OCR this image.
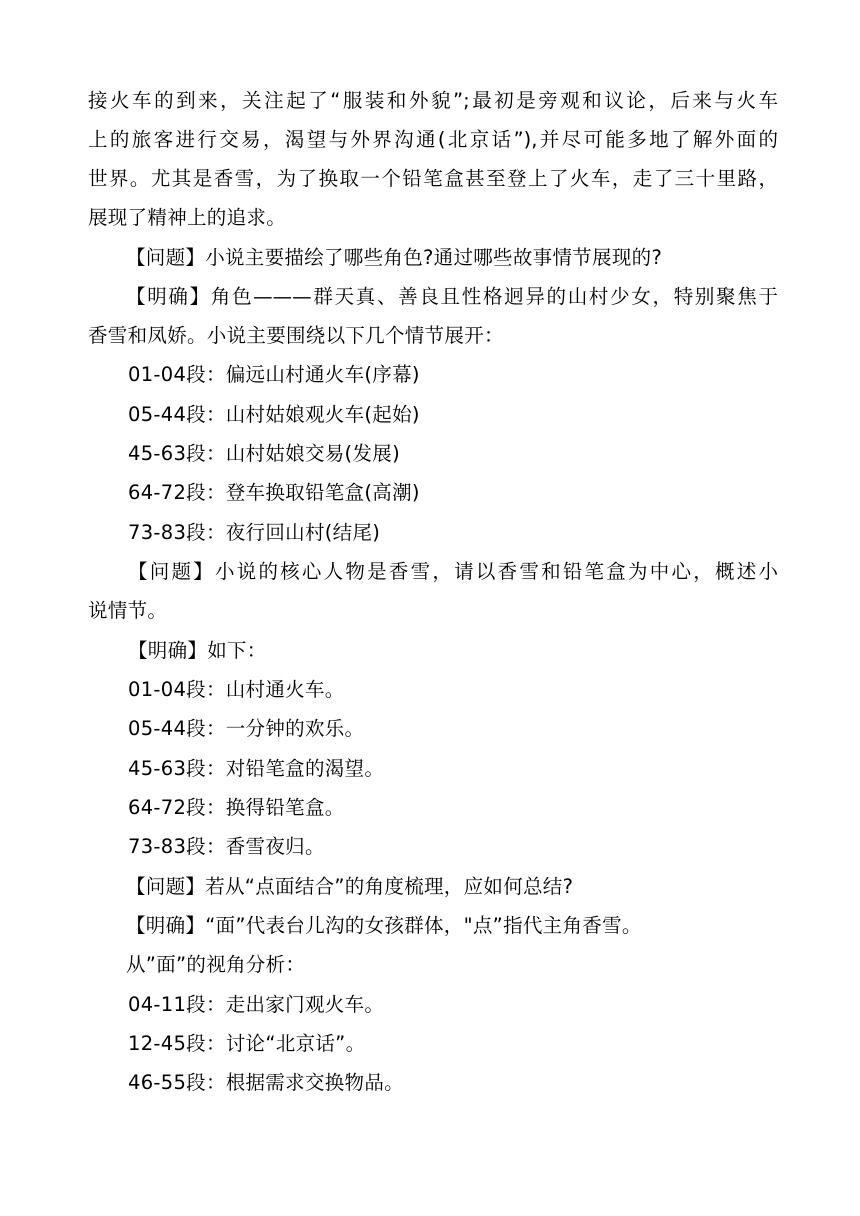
接火车的到来，关注起了“服装和外貌”;最初是旁观和议论，后来与火车
上的旅客进行交易，渴望与外界沟通(北京话”),并尽可能多地了解外面的
世界。尤其是香雪，为了换取一个铅笔盒甚至登上了火车，走了三十里路，
展现了精神上的追求。
【问题】小说主要描绘了哪些角色?通过哪些故事情节展现的?
【明确】角色———群天真、善良且性格迥异的山村少女，特别聚焦于
香雪和凤娇。小说主要围绕以下几个情节展开：
01-04段：偏远山村通火车(序幕)
05-44段：山村姑娘观火车(起始)
45-63段：山村姑娘交易(发展)
64-72段：登车换取铅笔盒(高潮)
73-83段：夜行回山村(结尾)
【问题】小说的核心人物是香雪，请以香雪和铅笔盒为中心，概述小
说情节。
【明确】如下：
01-04段：山村通火车。
05-44段：一分钟的欢乐。
45-63段：对铅笔盒的渴望。
64-72段：换得铅笔盒。
73-83段：香雪夜归。
【问题】若从“点面结合”的角度梳理，应如何总结?
【明确】“面”代表台儿沟的女孩群体，"点”指代主角香雪。
从”面”的视角分析：
04-11段：走出家门观火车。
12-45段：讨论“北京话”。
46-55段：根据需求交换物品。
